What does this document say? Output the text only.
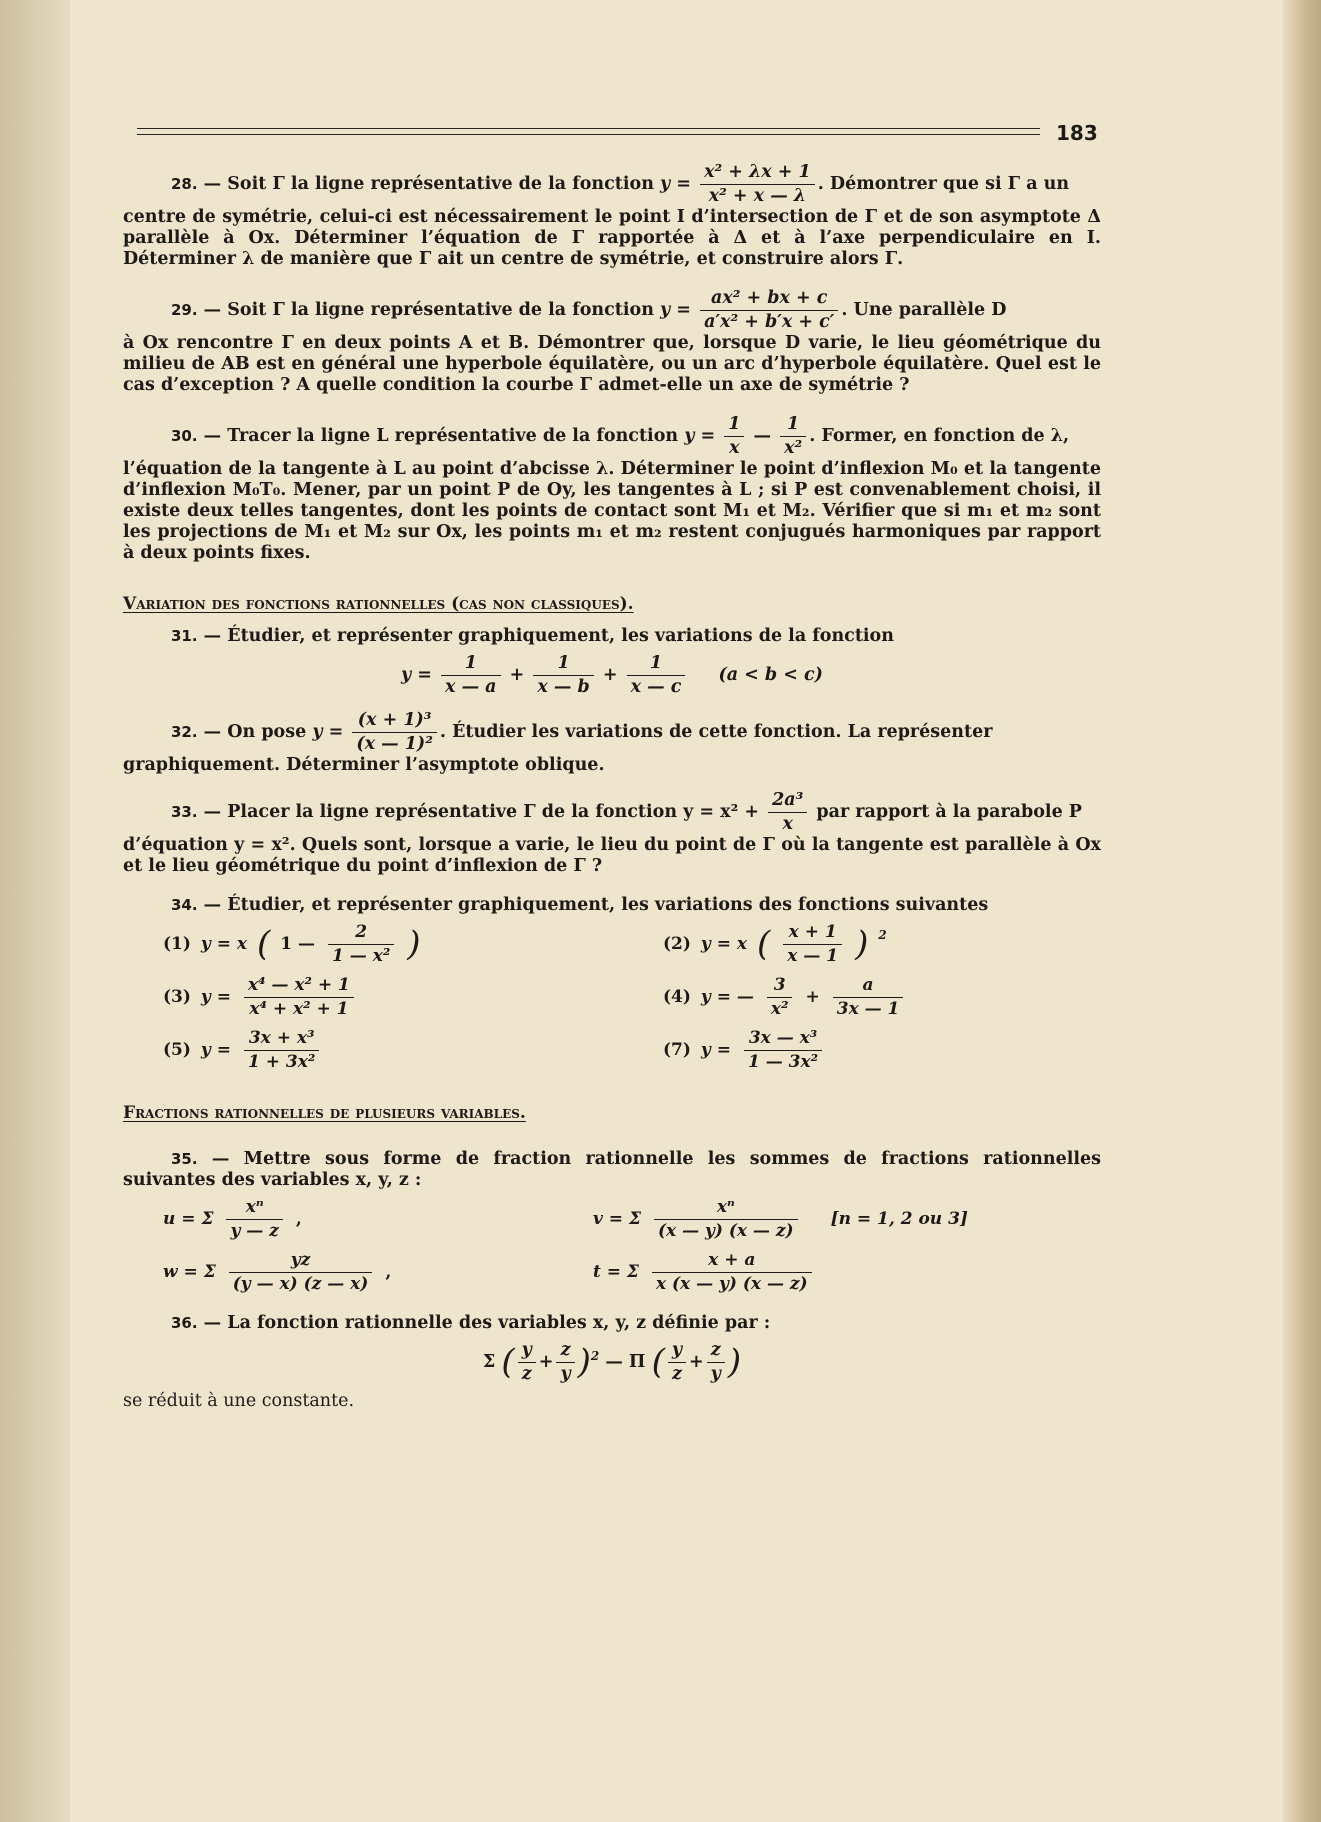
183

28. — Soit Γ la ligne représentative de la fonction $y = \frac{\text{x² + λx + 1}}{\text{x² + x — λ}}$ . Démontrer que si Γ a un

centre de symétrie, celui-ci est nécessairement le point I d’intersection de Γ et de son asymptote Δ parallèle à Ox. Déterminer l’équation de Γ rapportée à Δ et à l’axe perpendiculaire en I. Déterminer λ de manière que Γ ait un centre de symétrie, et construire alors Γ.

29. — Soit Γ la ligne représentative de la fonction $y = \frac{\text{ax² + bx + c}}{\text{a′x² + b′x + c′}}$ . Une parallèle D

à Ox rencontre Γ en deux points A et B. Démontrer que, lorsque D varie, le lieu géométrique du milieu de AB est en général une hyperbole équilatère, ou un arc d’hyperbole équilatère. Quel est le cas d’exception ? A quelle condition la courbe Γ admet-elle un axe de symétrie ?

30. — Tracer la ligne L représentative de la fonction $y = \frac{1}{x}$ — $\frac{1}{\text{x²}}$ . Former, en fonction de λ,

l’équation de la tangente à L au point d’abcisse λ. Déterminer le point d’inflexion M₀ et la tangente d’inflexion M₀T₀. Mener, par un point P de Oy, les tangentes à L ; si P est convenablement choisi, il existe deux telles tangentes, dont les points de contact sont M₁ et M₂. Vérifier que si m₁ et m₂ sont les projections de M₁ et M₂ sur Ox, les points m₁ et m₂ restent conjugués harmoniques par rapport à deux points fixes.

Variation des fonctions rationnelles (cas non classiques).

31. — Étudier, et représenter graphiquement, les variations de la fonction

$y = \frac{1}{x — a} + \frac{1}{x — b} + \frac{1}{x — c} (a < b < c)$

32. — On pose $y = \frac{\text{(x + 1)³}}{\text{(x — 1)²}}$ . Étudier les variations de cette fonction. La représenter

graphiquement. Déterminer l’asymptote oblique.

33. — Placer la ligne représentative Γ de la fonction $y = x^2 + \frac{\text{2a³}}{x}$ par rapport à la parabole P

d’équation y = x². Quels sont, lorsque a varie, le lieu du point de Γ où la tangente est parallèle à Ox et le lieu géométrique du point d’inflexion de Γ ?

34. — Étudier, et représenter graphiquement, les variations des fonctions suivantes

(1) y = x ( 1 — $\frac{2}{\text{1 — x²}}$ )	(2) y = x ( $\frac{x + 1}{x — 1}$ ) $^2$
(3) $y = \frac{\text{x⁴ — x² + 1}}{\text{x⁴ + x² + 1}}$	(4) y = — $\frac{3}{\text{x²}} + \frac{a}{3x — 1}$
(5) $y = \frac{\text{3x + x³}}{\text{1 + 3x²}}$	(7) $y = \frac{\text{3x — x³}}{\text{1 — 3x²}}$

Fractions rationnelles de plusieurs variables.

35. — Mettre sous forme de fraction rationnelle les sommes de fractions rationnelles suivantes des variables x, y, z :

u = Σ $\frac{\text{xⁿ}}{y — z}$ ,	v = Σ $\frac{\text{xⁿ}}{(x — y) (x — z)} [n = 1$, 2 ou 3]
w = Σ $\frac{yz}{(y — x) (z — x)}$ ,	t = Σ $\frac{x + a}{x (x — y) (x — z)}$

36. — La fonction rationnelle des variables x, y, z définie par :

Σ ( $\frac{y}{z} + \frac{z}{y} )^2$ — Π ( $\frac{y}{z} + \frac{z}{y}$ )

se réduit à une constante.
